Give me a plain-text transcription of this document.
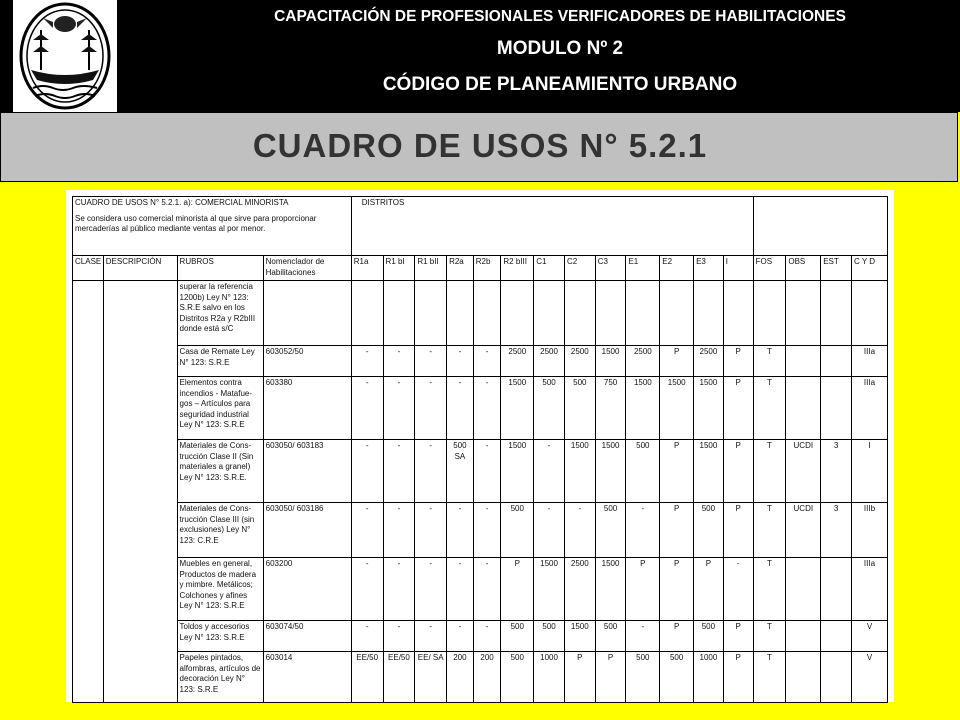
CAPACITACIÓN DE PROFESIONALES VERIFICADORES DE HABILITACIONES
MODULO Nº 2
CÓDIGO DE PLANEAMIENTO URBANO
CUADRO DE USOS N° 5.2.1
CUADRO DE USOS N° 5.2.1. a): COMERCIAL MINORISTA
Se considera uso comercial minorista al que sirve para proporcionar mercaderías al público mediante ventas al por menor.				DISTRITOS																
CLASE	DESCRIPCIÓN	RUBROS	Nomenclador de Habilitaciones	R1a	R1 bI	R1 bII	R2a	R2b	R2 bIII	C1	C2	C3	E1	E2	E3	I	FOS	OBS	EST	C Y D
		superar la referencia 1200b) Ley N° 123: S.R.E salvo en los Distritos R2a y R2bIII donde está s/C																		
		Casa de Remate Ley N° 123: S.R.E	603052/50	-	-	-	-	-	2500	2500	2500	1500	2500	P	2500	P	T			IIIa
		Elementos contra incendios - Matafue-gos – Artículos para seguridad industrial Ley N° 123: S.R.E	603380	-	-	-	-	-	1500	500	500	750	1500	1500	1500	P	T			IIIa
		Materiales de Cons-trucción Clase II (Sin materiales a granel) Ley N° 123: S.R.E.	603050/ 603183	-	-	-	500 SA	-	1500	-	1500	1500	500	P	1500	P	T	UCDI	3	I
		Materiales de Cons-trucción Clase III (sin exclusiones) Ley N° 123: C.R.E	603050/ 603186	-	-	-	-	-	500	-	-	500	-	P	500	P	T	UCDI	3	IIIb
		Muebles en general, Productos de madera y mimbre. Metálicos; Colchones y afines Ley N° 123: S.R.E	603200	-	-	-	-	-	P	1500	2500	1500	P	P	P	-	T			IIIa
		Toldos y accesorios Ley N° 123: S.R.E	603074/50	-	-	-	-	-	500	500	1500	500	-	P	500	P	T			V
		Papeles pintados, alfombras, artículos de decoración Ley N° 123: S.R.E	603014	EE/50	EE/50	EE/ SA	200	200	500	1000	P	P	500	500	1000	P	T			V
